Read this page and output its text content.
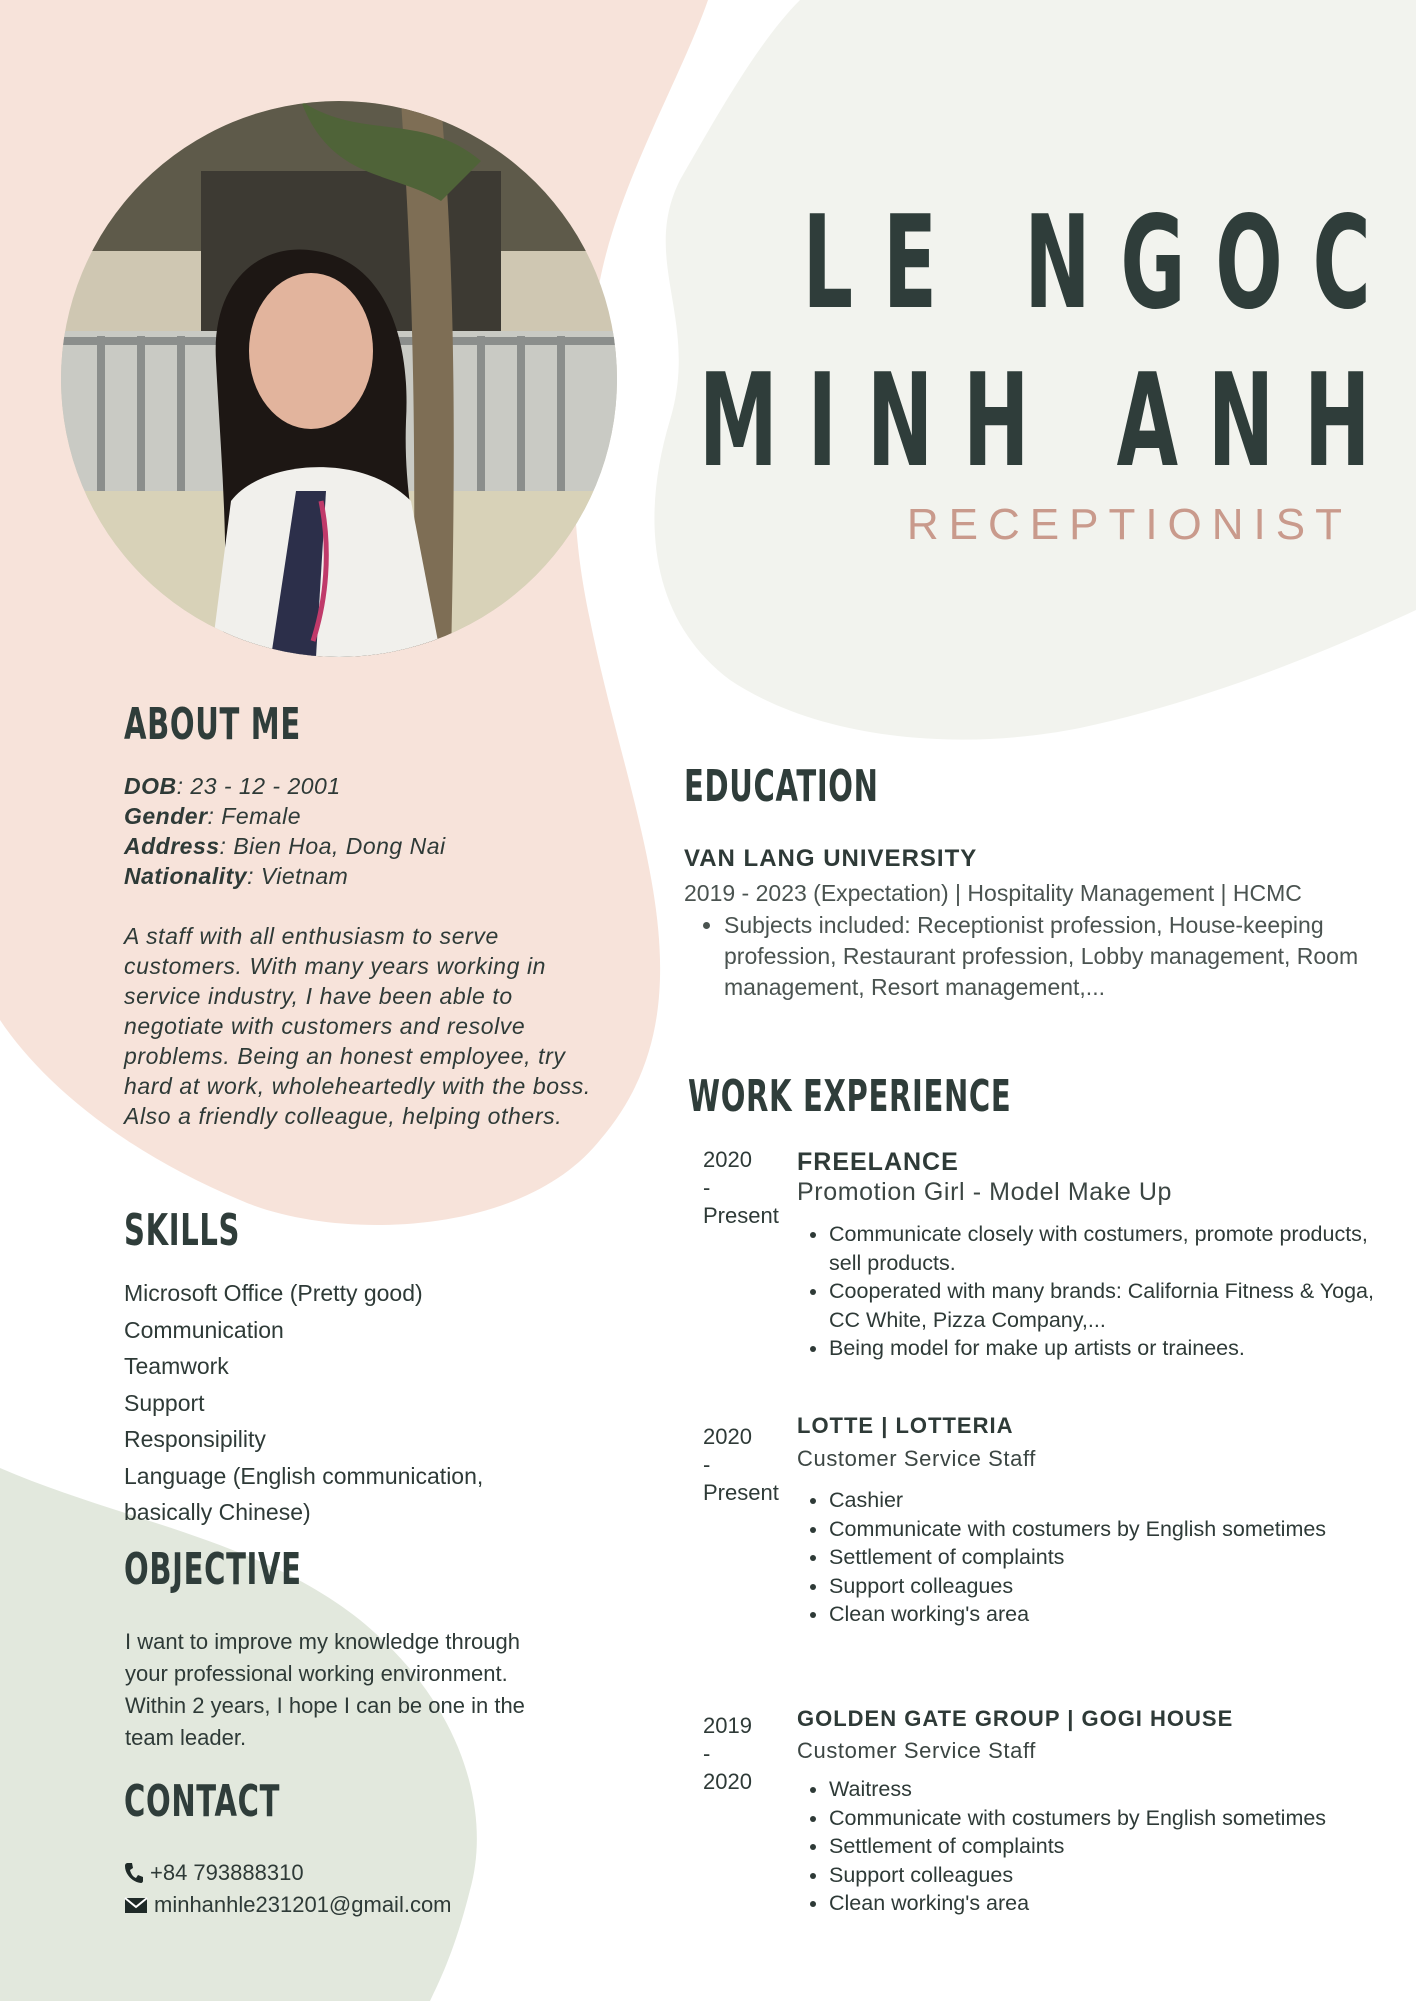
LE NGOC
MINH ANH
RECEPTIONIST
ABOUT ME
DOB: 23 - 12 - 2001
Gender: Female
Address: Bien Hoa, Dong Nai
Nationality: Vietnam
A staff with all enthusiasm to serve customers. With many years working in service industry, I have been able to negotiate with customers and resolve problems. Being an honest employee, try hard at work, wholeheartedly with the boss. Also a friendly colleague, helping others.
SKILLS
Microsoft Office (Pretty good)
Communication
Teamwork
Support
Responsipility
Language (English communication,
basically Chinese)
OBJECTIVE
I want to improve my knowledge through your professional working environment. Within 2 years, I hope I can be one in the team leader.
CONTACT
+84 793888310
minhanhle231201@gmail.com
EDUCATION
VAN LANG UNIVERSITY
2019 - 2023 (Expectation) | Hospitality Management | HCMC
• Subjects included: Receptionist profession, House-keeping profession, Restaurant profession, Lobby management, Room management, Resort management,...
WORK EXPERIENCE
2020
-
Present
FREELANCE
Promotion Girl - Model Make Up
• Communicate closely with costumers, promote products, sell products.
• Cooperated with many brands: California Fitness & Yoga, CC White, Pizza Company,...
• Being model for make up artists or trainees.
2020
-
Present
LOTTE | LOTTERIA
Customer Service Staff
• Cashier
• Communicate with costumers by English sometimes
• Settlement of complaints
• Support colleagues
• Clean working's area
2019
-
2020
GOLDEN GATE GROUP | GOGI HOUSE
Customer Service Staff
• Waitress
• Communicate with costumers by English sometimes
• Settlement of complaints
• Support colleagues
• Clean working's area
